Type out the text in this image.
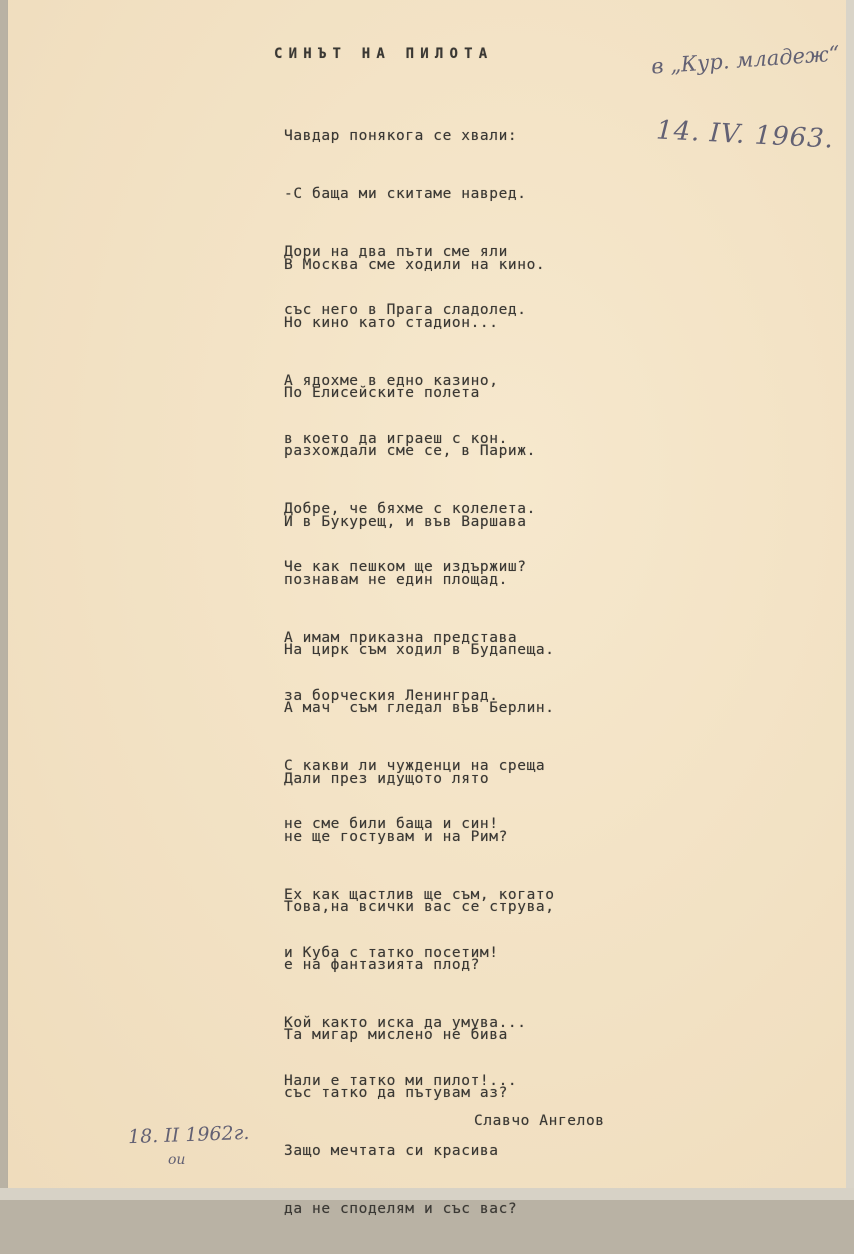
СИНЪТ НА ПИЛОТА

Чавдар понякога се хвали:

-С баща ми скитаме навред.

Дори на два пъти сме яли

със него в Прага сладолед.

В Москва сме ходили на кино.

Но кино като стадион...

А ядохме в едно казино,

в което да играеш с кон.

По Елисейските полета

разхождали сме се, в Париж.

Добре, че бяхме с колелета.

Че как пешком ще издържиш?

И в Букурещ, и във Варшава

познавам не един площад.

А имам приказна представа

за борческия Ленинград.

На цирк съм ходил в Будапеща.

А мач  съм гледал във Берлин.

С какви ли чужденци на среща

не сме били баща и син!

Дали през идущото лято

не ще гостувам и на Рим?

Ех как щастлив ще съм, когато

и Куба с татко посетим!

Това,на всички вас се струва,

е на фантазията плод?

Кой както иска да умува...

Нали е татко ми пилот!...

Та мигар мислено не бива

със татко да пътувам аз?

Защо мечтата си красива

да не споделям и със вас?

Славчо Ангелов
в „Кур. младеж“
14. IV. 1963.
18. II 1962г.
ои
